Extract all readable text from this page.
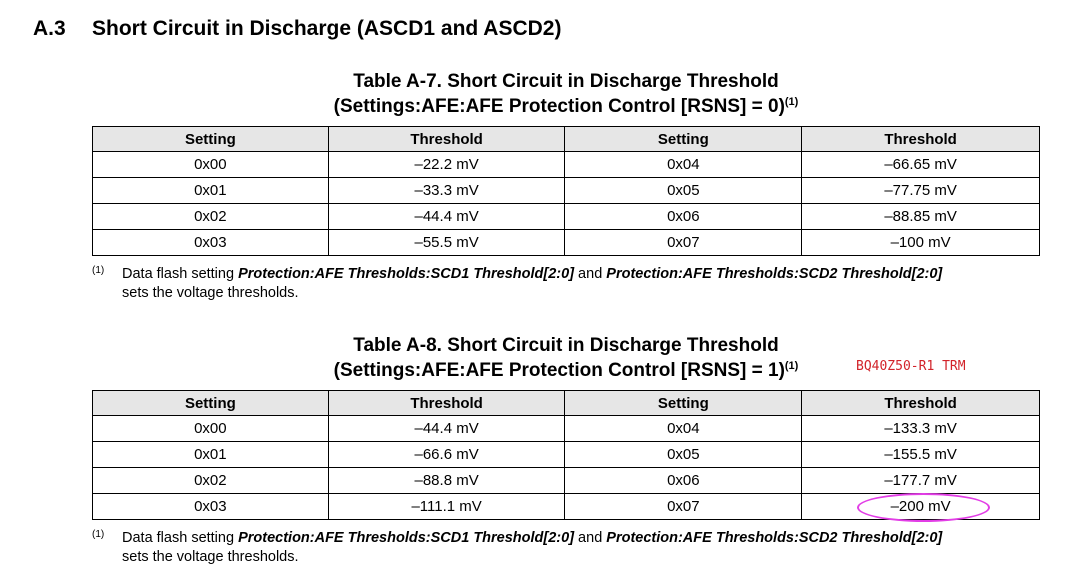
A.3 Short Circuit in Discharge (ASCD1 and ASCD2)
Table A-7. Short Circuit in Discharge Threshold
(Settings:AFE:AFE Protection Control [RSNS] = 0)$^{(1)}$
Setting	Threshold	Setting	Threshold
0x00	–22.2 mV	0x04	–66.65 mV
0x01	–33.3 mV	0x05	–77.75 mV
0x02	–44.4 mV	0x06	–88.85 mV
0x03	–55.5 mV	0x07	–100 mV
(1) Data flash setting Protection:AFE Thresholds:SCD1 Threshold[2:0] and Protection:AFE Thresholds:SCD2 Threshold[2:0]
sets the voltage thresholds.
Table A-8. Short Circuit in Discharge Threshold
(Settings:AFE:AFE Protection Control [RSNS] = 1)$^{(1)}$	BQ40Z50-R1 TRM
Setting	Threshold	Setting	Threshold
0x00	–44.4 mV	0x04	–133.3 mV
0x01	–66.6 mV	0x05	–155.5 mV
0x02	–88.8 mV	0x06	–177.7 mV
0x03	–111.1 mV	0x07	–200 mV
(1) Data flash setting Protection:AFE Thresholds:SCD1 Threshold[2:0] and Protection:AFE Thresholds:SCD2 Threshold[2:0]
sets the voltage thresholds.
